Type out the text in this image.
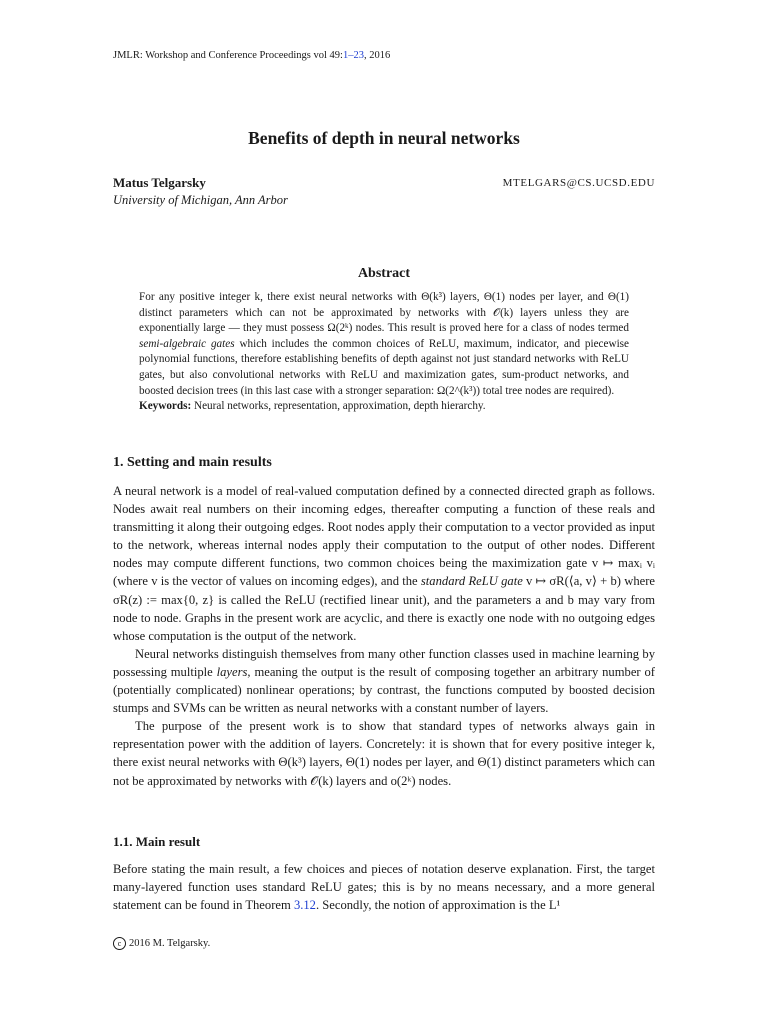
JMLR: Workshop and Conference Proceedings vol 49:1–23, 2016
Benefits of depth in neural networks
Matus Telgarsky	MTELGARS@CS.UCSD.EDU
University of Michigan, Ann Arbor
Abstract

For any positive integer k, there exist neural networks with Θ(k³) layers, Θ(1) nodes per layer, and Θ(1) distinct parameters which can not be approximated by networks with 𝒪(k) layers unless they are exponentially large — they must possess Ω(2ᵏ) nodes. This result is proved here for a class of nodes termed semi-algebraic gates which includes the common choices of ReLU, maximum, indicator, and piecewise polynomial functions, therefore establishing benefits of depth against not just standard networks with ReLU gates, but also convolutional networks with ReLU and maximization gates, sum-product networks, and boosted decision trees (in this last case with a stronger separation: Ω(2^(k³)) total tree nodes are required).

Keywords: Neural networks, representation, approximation, depth hierarchy.

1. Setting and main results

A neural network is a model of real-valued computation defined by a connected directed graph as follows. Nodes await real numbers on their incoming edges, thereafter computing a function of these reals and transmitting it along their outgoing edges. Root nodes apply their computation to a vector provided as input to the network, whereas internal nodes apply their computation to the output of other nodes. Different nodes may compute different functions, two common choices being the maximization gate v ↦ maxᵢ vᵢ (where v is the vector of values on incoming edges), and the standard ReLU gate v ↦ σR(⟨a, v⟩ + b) where σR(z) := max{0, z} is called the ReLU (rectified linear unit), and the parameters a and b may vary from node to node. Graphs in the present work are acyclic, and there is exactly one node with no outgoing edges whose computation is the output of the network.

Neural networks distinguish themselves from many other function classes used in machine learning by possessing multiple layers, meaning the output is the result of composing together an arbitrary number of (potentially complicated) nonlinear operations; by contrast, the functions computed by boosted decision stumps and SVMs can be written as neural networks with a constant number of layers.

The purpose of the present work is to show that standard types of networks always gain in representation power with the addition of layers. Concretely: it is shown that for every positive integer k, there exist neural networks with Θ(k³) layers, Θ(1) nodes per layer, and Θ(1) distinct parameters which can not be approximated by networks with 𝒪(k) layers and o(2ᵏ) nodes.

1.1. Main result

Before stating the main result, a few choices and pieces of notation deserve explanation. First, the target many-layered function uses standard ReLU gates; this is by no means necessary, and a more general statement can be found in Theorem 3.12. Secondly, the notion of approximation is the L¹

c 2016 M. Telgarsky.
